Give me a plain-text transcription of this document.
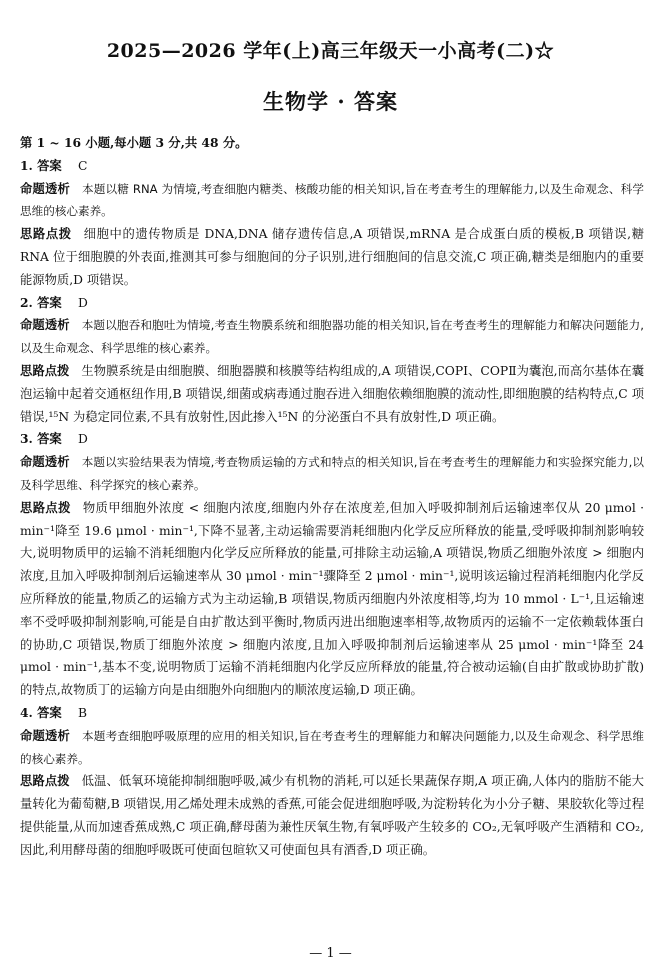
2025—2026 学年(上)高三年级天一小高考(二)☆
生物学 · 答案

第 1 ~ 16 小题,每小题 3 分,共 48 分。

1. 答案 C

命题透析 本题以糖 RNA 为情境,考查细胞内糖类、核酸功能的相关知识,旨在考查考生的理解能力,以及生命观念、科学思维的核心素养。

思路点拨 细胞中的遗传物质是 DNA,DNA 储存遗传信息,A 项错误,mRNA 是合成蛋白质的模板,B 项错误,糖 RNA 位于细胞膜的外表面,推测其可参与细胞间的分子识别,进行细胞间的信息交流,C 项正确,糖类是细胞内的重要能源物质,D 项错误。

2. 答案 D

命题透析 本题以胞吞和胞吐为情境,考查生物膜系统和细胞器功能的相关知识,旨在考查考生的理解能力和解决问题能力,以及生命观念、科学思维的核心素养。

思路点拨 生物膜系统是由细胞膜、细胞器膜和核膜等结构组成的,A 项错误,COPⅠ、COPⅡ为囊泡,而高尔基体在囊泡运输中起着交通枢纽作用,B 项错误,细菌或病毒通过胞吞进入细胞依赖细胞膜的流动性,即细胞膜的结构特点,C 项错误,¹⁵N 为稳定同位素,不具有放射性,因此掺入¹⁵N 的分泌蛋白不具有放射性,D 项正确。

3. 答案 D

命题透析 本题以实验结果表为情境,考查物质运输的方式和特点的相关知识,旨在考查考生的理解能力和实验探究能力,以及科学思维、科学探究的核心素养。

思路点拨 物质甲细胞外浓度 < 细胞内浓度,细胞内外存在浓度差,但加入呼吸抑制剂后运输速率仅从 20 μmol · min⁻¹降至 19.6 μmol · min⁻¹,下降不显著,主动运输需要消耗细胞内化学反应所释放的能量,受呼吸抑制剂影响较大,说明物质甲的运输不消耗细胞内化学反应所释放的能量,可排除主动运输,A 项错误,物质乙细胞外浓度 > 细胞内浓度,且加入呼吸抑制剂后运输速率从 30 μmol · min⁻¹骤降至 2 μmol · min⁻¹,说明该运输过程消耗细胞内化学反应所释放的能量,物质乙的运输方式为主动运输,B 项错误,物质丙细胞内外浓度相等,均为 10 mmol · L⁻¹,且运输速率不受呼吸抑制剂影响,可能是自由扩散达到平衡时,物质丙进出细胞速率相等,故物质丙的运输不一定依赖载体蛋白的协助,C 项错误,物质丁细胞外浓度 > 细胞内浓度,且加入呼吸抑制剂后运输速率从 25 μmol · min⁻¹降至 24 μmol · min⁻¹,基本不变,说明物质丁运输不消耗细胞内化学反应所释放的能量,符合被动运输(自由扩散或协助扩散)的特点,故物质丁的运输方向是由细胞外向细胞内的顺浓度运输,D 项正确。

4. 答案 B

命题透析 本题考查细胞呼吸原理的应用的相关知识,旨在考查考生的理解能力和解决问题能力,以及生命观念、科学思维的核心素养。

思路点拨 低温、低氧环境能抑制细胞呼吸,减少有机物的消耗,可以延长果蔬保存期,A 项正确,人体内的脂肪不能大量转化为葡萄糖,B 项错误,用乙烯处理未成熟的香蕉,可能会促进细胞呼吸,为淀粉转化为小分子糖、果胶软化等过程提供能量,从而加速香蕉成熟,C 项正确,酵母菌为兼性厌氧生物,有氧呼吸产生较多的 CO₂,无氧呼吸产生酒精和 CO₂,因此,利用酵母菌的细胞呼吸既可使面包暄软又可使面包具有酒香,D 项正确。

— 1 —
